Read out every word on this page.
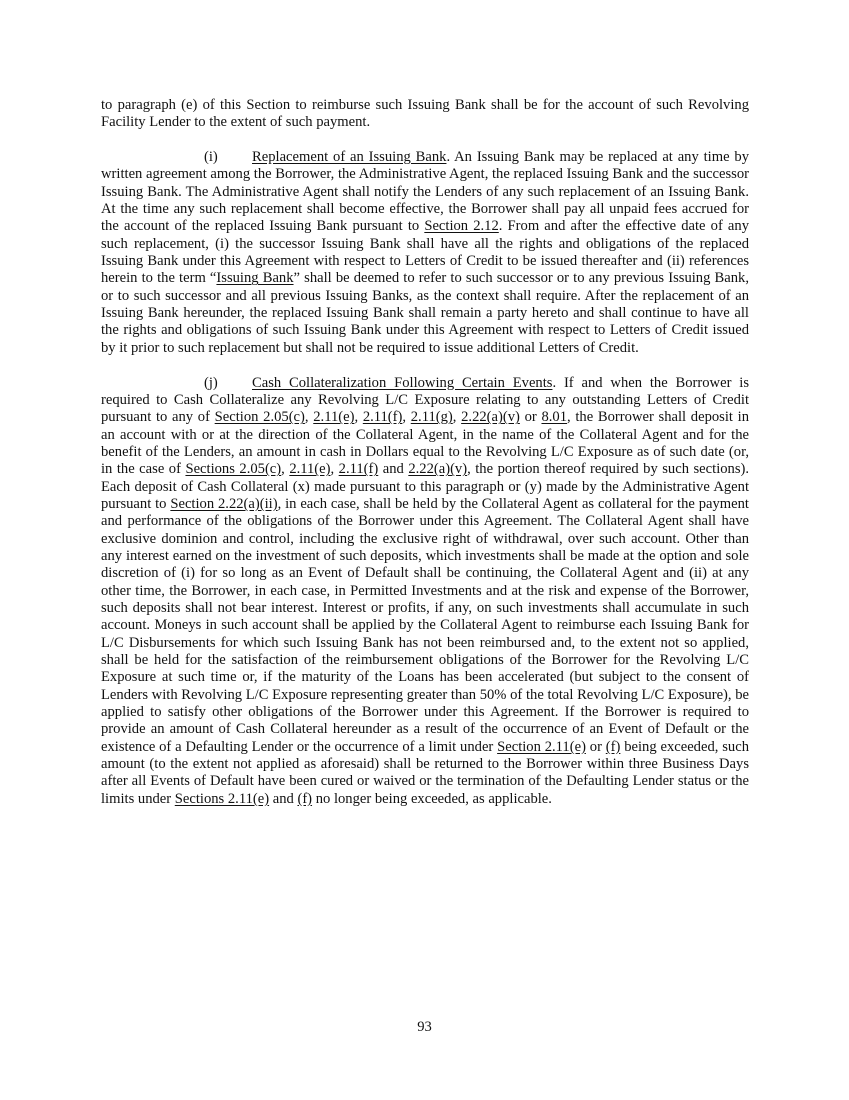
to paragraph (e) of this Section to reimburse such Issuing Bank shall be for the account of such Revolving Facility Lender to the extent of such payment.

(i) Replacement of an Issuing Bank. An Issuing Bank may be replaced at any time by written agreement among the Borrower, the Administrative Agent, the replaced Issuing Bank and the successor Issuing Bank. The Administrative Agent shall notify the Lenders of any such replacement of an Issuing Bank. At the time any such replacement shall become effective, the Borrower shall pay all unpaid fees accrued for the account of the replaced Issuing Bank pursuant to Section 2.12. From and after the effective date of any such replacement, (i) the successor Issuing Bank shall have all the rights and obligations of the replaced Issuing Bank under this Agreement with respect to Letters of Credit to be issued thereafter and (ii) references herein to the term “Issuing Bank” shall be deemed to refer to such successor or to any previous Issuing Bank, or to such successor and all previous Issuing Banks, as the context shall require. After the replacement of an Issuing Bank hereunder, the replaced Issuing Bank shall remain a party hereto and shall continue to have all the rights and obligations of such Issuing Bank under this Agreement with respect to Letters of Credit issued by it prior to such replacement but shall not be required to issue additional Letters of Credit.

(j) Cash Collateralization Following Certain Events. If and when the Borrower is required to Cash Collateralize any Revolving L/C Exposure relating to any outstanding Letters of Credit pursuant to any of Section 2.05(c), 2.11(e), 2.11(f), 2.11(g), 2.22(a)(v) or 8.01, the Borrower shall deposit in an account with or at the direction of the Collateral Agent, in the name of the Collateral Agent and for the benefit of the Lenders, an amount in cash in Dollars equal to the Revolving L/C Exposure as of such date (or, in the case of Sections 2.05(c), 2.11(e), 2.11(f) and 2.22(a)(v), the portion thereof required by such sections). Each deposit of Cash Collateral (x) made pursuant to this paragraph or (y) made by the Administrative Agent pursuant to Section 2.22(a)(ii), in each case, shall be held by the Collateral Agent as collateral for the payment and performance of the obligations of the Borrower under this Agreement. The Collateral Agent shall have exclusive dominion and control, including the exclusive right of withdrawal, over such account. Other than any interest earned on the investment of such deposits, which investments shall be made at the option and sole discretion of (i) for so long as an Event of Default shall be continuing, the Collateral Agent and (ii) at any other time, the Borrower, in each case, in Permitted Investments and at the risk and expense of the Borrower, such deposits shall not bear interest. Interest or profits, if any, on such investments shall accumulate in such account. Moneys in such account shall be applied by the Collateral Agent to reimburse each Issuing Bank for L/C Disbursements for which such Issuing Bank has not been reimbursed and, to the extent not so applied, shall be held for the satisfaction of the reimbursement obligations of the Borrower for the Revolving L/C Exposure at such time or, if the maturity of the Loans has been accelerated (but subject to the consent of Lenders with Revolving L/C Exposure representing greater than 50% of the total Revolving L/C Exposure), be applied to satisfy other obligations of the Borrower under this Agreement. If the Borrower is required to provide an amount of Cash Collateral hereunder as a result of the occurrence of an Event of Default or the existence of a Defaulting Lender or the occurrence of a limit under Section 2.11(e) or (f) being exceeded, such amount (to the extent not applied as aforesaid) shall be returned to the Borrower within three Business Days after all Events of Default have been cured or waived or the termination of the Defaulting Lender status or the limits under Sections 2.11(e) and (f) no longer being exceeded, as applicable.

93
